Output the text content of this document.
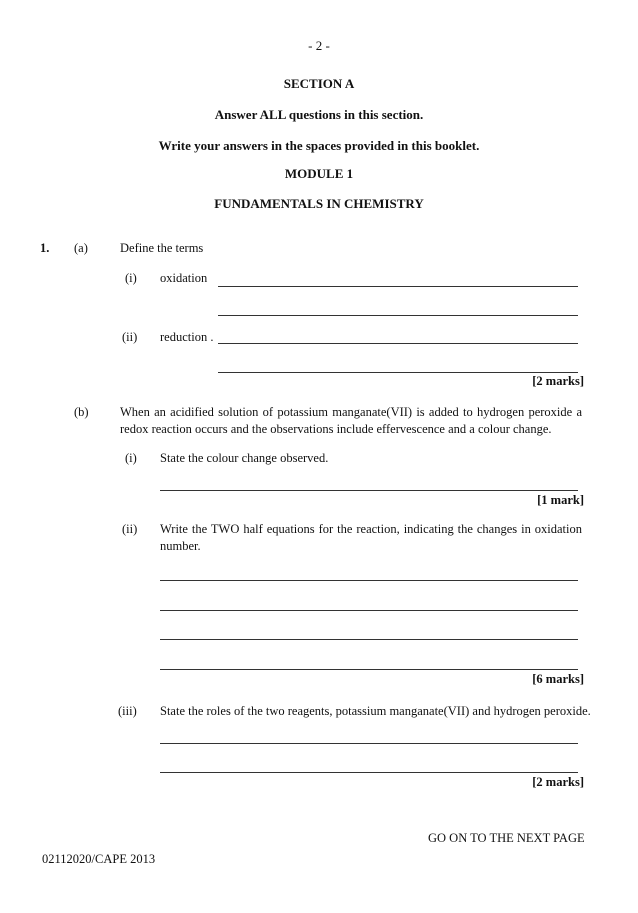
- 2 -
SECTION A
Answer ALL questions in this section.
Write your answers in the spaces provided in this booklet.
MODULE 1
FUNDAMENTALS IN CHEMISTRY
1. (a)	Define the terms
(i) oxidation
(ii) reduction .
[2 marks]
(b)	When an acidified solution of potassium manganate(VII) is added to hydrogen peroxide a redox reaction occurs and the observations include effervescence and a colour change.
(i) State the colour change observed.
[1 mark]
(ii) Write the TWO half equations for the reaction, indicating the changes in oxidation number.
[6 marks]
(iii) State the roles of the two reagents, potassium manganate(VII) and hydrogen peroxide.
[2 marks]
GO ON TO THE NEXT PAGE
02112020/CAPE 2013
